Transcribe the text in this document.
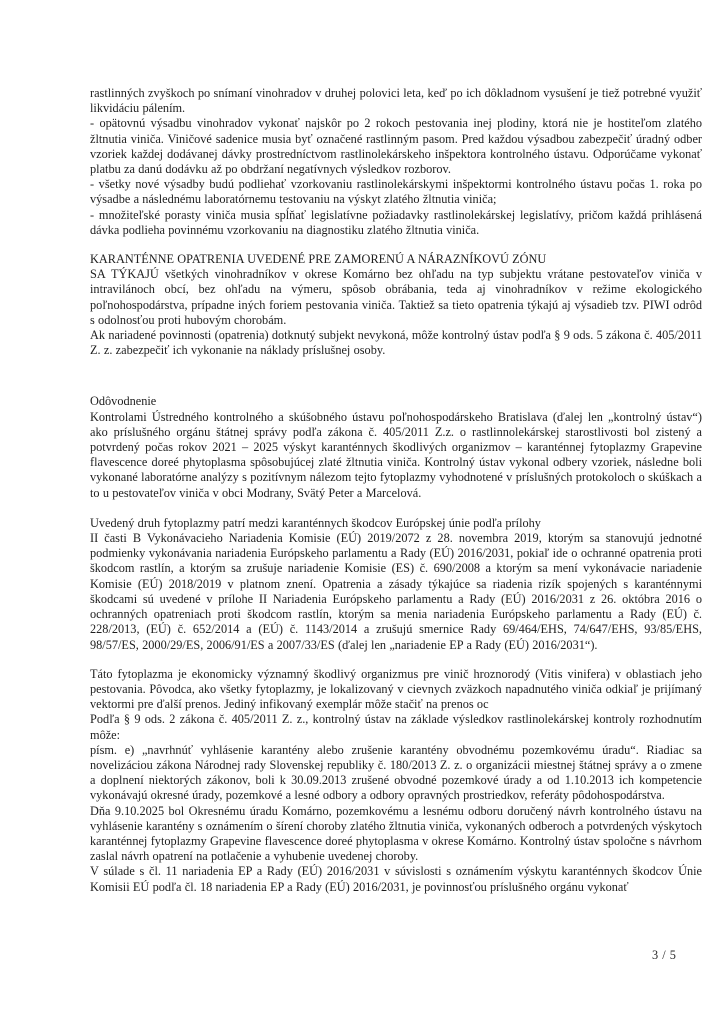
rastlinných zvyškoch po snímaní vinohradov v druhej polovici leta, keď po ich dôkladnom vysušení je tiež potrebné využiť likvidáciu pálením.

- opätovnú výsadbu vinohradov vykonať najskôr po 2 rokoch pestovania inej plodiny, ktorá nie je hostiteľom zlatého žltnutia viniča. Viničové sadenice musia byť označené rastlinným pasom. Pred každou výsadbou zabezpečiť úradný odber vzoriek každej dodávanej dávky prostredníctvom rastlinolekárskeho inšpektora kontrolného ústavu. Odporúčame vykonať platbu za danú dodávku až po obdržaní negatívnych výsledkov rozborov.

- všetky nové výsadby budú podliehať vzorkovaniu rastlinolekárskymi inšpektormi kontrolného ústavu počas 1. roka po výsadbe a následnému laboratórnemu testovaniu na výskyt zlatého žltnutia viniča;

- množiteľské porasty viniča musia spĺňať legislatívne požiadavky rastlinolekárskej legislatívy, pričom každá prihlásená dávka podlieha povinnému vzorkovaniu na diagnostiku zlatého žltnutia viniča.

KARANTÉNNE OPATRENIA UVEDENÉ PRE ZAMORENÚ A NÁRAZNÍKOVÚ ZÓNU

SA TÝKAJÚ všetkých vinohradníkov v okrese Komárno bez ohľadu na typ subjektu vrátane pestovateľov viniča v intravilánoch obcí, bez ohľadu na výmeru, spôsob obrábania, teda aj vinohradníkov v režime ekologického poľnohospodárstva, prípadne iných foriem pestovania viniča. Taktiež sa tieto opatrenia týkajú aj výsadieb tzv. PIWI odrôd s odolnosťou proti hubovým chorobám.

Ak nariadené povinnosti (opatrenia) dotknutý subjekt nevykoná, môže kontrolný ústav podľa § 9 ods. 5 zákona č. 405/2011 Z. z. zabezpečiť ich vykonanie na náklady príslušnej osoby.

Odôvodnenie

Kontrolami Ústredného kontrolného a skúšobného ústavu poľnohospodárskeho Bratislava (ďalej len „kontrolný ústav“) ako príslušného orgánu štátnej správy podľa zákona č. 405/2011 Z.z. o rastlinnolekárskej starostlivosti bol zistený a potvrdený počas rokov 2021 – 2025 výskyt karanténnych škodlivých organizmov – karanténnej fytoplazmy Grapevine flavescence doreé phytoplasma spôsobujúcej zlaté žltnutia viniča. Kontrolný ústav vykonal odbery vzoriek, následne boli vykonané laboratórne analýzy s pozitívnym nálezom tejto fytoplazmy vyhodnotené v príslušných protokoloch o skúškach a to u pestovateľov viniča v obci Modrany, Svätý Peter a Marcelová.

Uvedený druh fytoplazmy patrí medzi karanténnych škodcov Európskej únie podľa prílohy

II časti B Vykonávacieho Nariadenia Komisie (EÚ) 2019/2072 z 28. novembra 2019, ktorým sa stanovujú jednotné podmienky vykonávania nariadenia Európskeho parlamentu a Rady (EÚ) 2016/2031, pokiaľ ide o ochranné opatrenia proti škodcom rastlín, a ktorým sa zrušuje nariadenie Komisie (ES) č. 690/2008 a ktorým sa mení vykonávacie nariadenie Komisie (EÚ) 2018/2019 v platnom znení. Opatrenia a zásady týkajúce sa riadenia rizík spojených s karanténnymi škodcami sú uvedené v prílohe II Nariadenia Európskeho parlamentu a Rady (EÚ) 2016/2031 z 26. októbra 2016 o ochranných opatreniach proti škodcom rastlín, ktorým sa menia nariadenia Európskeho parlamentu a Rady (EÚ) č. 228/2013, (EÚ) č. 652/2014 a (EÚ) č. 1143/2014 a zrušujú smernice Rady 69/464/EHS, 74/647/EHS, 93/85/EHS, 98/57/ES, 2000/29/ES, 2006/91/ES a 2007/33/ES (ďalej len „nariadenie EP a Rady (EÚ) 2016/2031“).

Táto fytoplazma je ekonomicky významný škodlivý organizmus pre vinič hroznorodý (Vitis vinifera) v oblastiach jeho pestovania. Pôvodca, ako všetky fytoplazmy, je lokalizovaný v cievnych zväzkoch napadnutého viniča odkiaľ je prijímaný vektormi pre ďalší prenos. Jediný infikovaný exemplár môže stačiť na prenos oc

Podľa § 9 ods. 2 zákona č. 405/2011 Z. z., kontrolný ústav na základe výsledkov rastlinolekárskej kontroly rozhodnutím môže:

písm. e) „navrhnúť vyhlásenie karantény alebo zrušenie karantény obvodnému pozemkovému úradu“. Riadiac sa novelizáciou zákona Národnej rady Slovenskej republiky č. 180/2013 Z. z. o organizácii miestnej štátnej správy a o zmene a doplnení niektorých zákonov, boli k 30.09.2013 zrušené obvodné pozemkové úrady a od 1.10.2013 ich kompetencie vykonávajú okresné úrady, pozemkové a lesné odbory a odbory opravných prostriedkov, referáty pôdohospodárstva.

Dňa 9.10.2025 bol Okresnému úradu Komárno, pozemkovému a lesnému odboru doručený návrh kontrolného ústavu na vyhlásenie karantény s oznámením o šírení choroby zlatého žltnutia viniča, vykonaných odberoch a potvrdených výskytoch karanténnej fytoplazmy Grapevine flavescence doreé phytoplasma v okrese Komárno. Kontrolný ústav spoločne s návrhom zaslal návrh opatrení na potlačenie a vyhubenie uvedenej choroby.

V súlade s čl. 11 nariadenia EP a Rady (EÚ) 2016/2031 v súvislosti s oznámením výskytu karanténnych škodcov Únie Komisii EÚ podľa čl. 18 nariadenia EP a Rady (EÚ) 2016/2031, je povinnosťou príslušného orgánu vykonať

3 / 5
